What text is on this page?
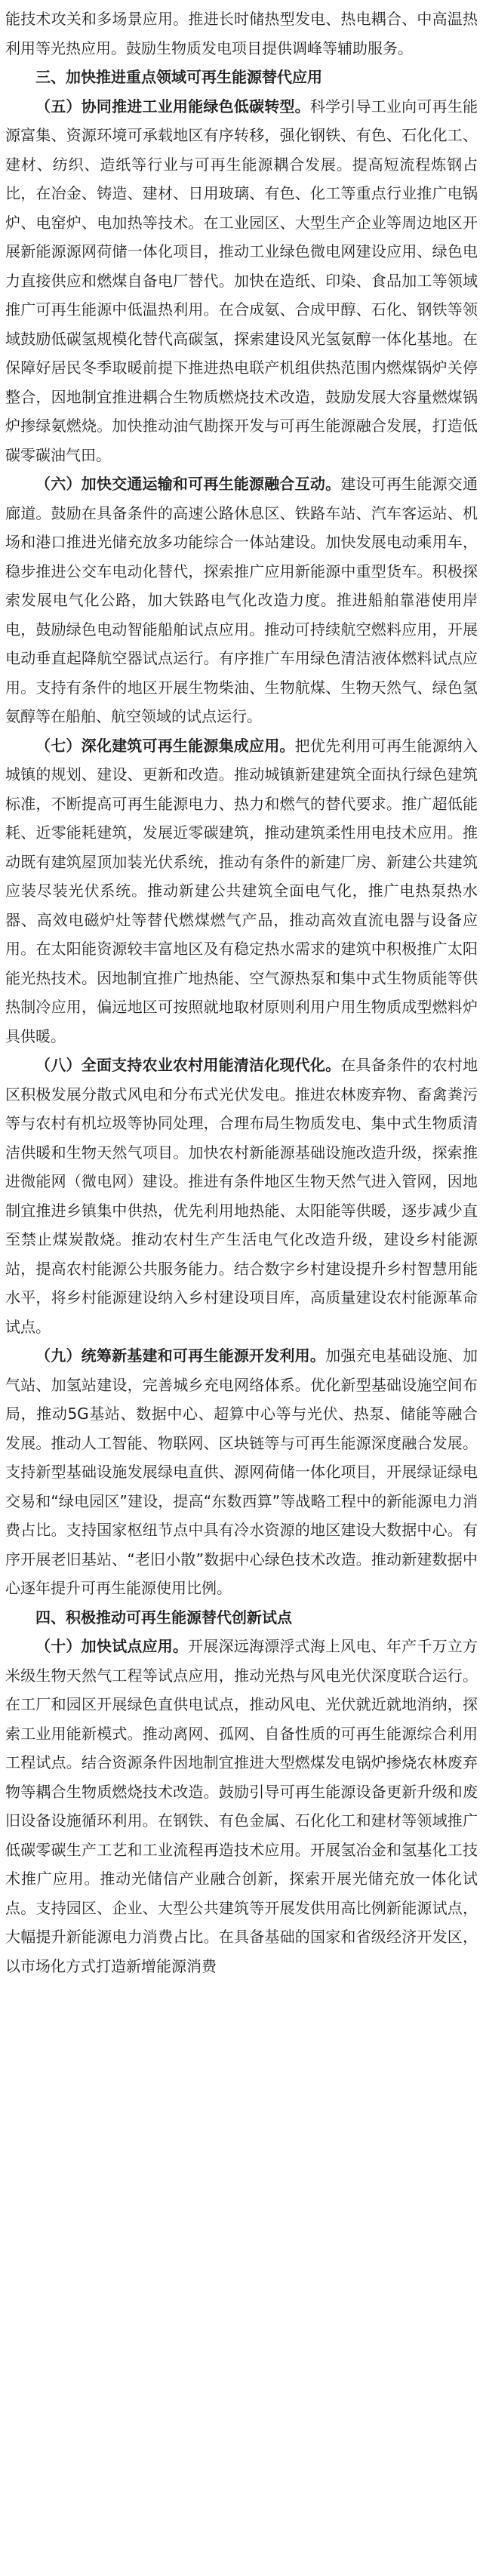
能技术攻关和多场景应用。推进长时储热型发电、热电耦合、中高温热利用等光热应用。鼓励生物质发电项目提供调峰等辅助服务。

三、加快推进重点领域可再生能源替代应用

（五）协同推进工业用能绿色低碳转型。科学引导工业向可再生能源富集、资源环境可承载地区有序转移，强化钢铁、有色、石化化工、建材、纺织、造纸等行业与可再生能源耦合发展。提高短流程炼钢占比，在冶金、铸造、建材、日用玻璃、有色、化工等重点行业推广电锅炉、电窑炉、电加热等技术。在工业园区、大型生产企业等周边地区开展新能源源网荷储一体化项目，推动工业绿色微电网建设应用、绿色电力直接供应和燃煤自备电厂替代。加快在造纸、印染、食品加工等领域推广可再生能源中低温热利用。在合成氨、合成甲醇、石化、钢铁等领域鼓励低碳氢规模化替代高碳氢，探索建设风光氢氨醇一体化基地。在保障好居民冬季取暖前提下推进热电联产机组供热范围内燃煤锅炉关停整合，因地制宜推进耦合生物质燃烧技术改造，鼓励发展大容量燃煤锅炉掺绿氨燃烧。加快推动油气勘探开发与可再生能源融合发展，打造低碳零碳油气田。

（六）加快交通运输和可再生能源融合互动。建设可再生能源交通廊道。鼓励在具备条件的高速公路休息区、铁路车站、汽车客运站、机场和港口推进光储充放多功能综合一体站建设。加快发展电动乘用车，稳步推进公交车电动化替代，探索推广应用新能源中重型货车。积极探索发展电气化公路，加大铁路电气化改造力度。推进船舶靠港使用岸电，鼓励绿色电动智能船舶试点应用。推动可持续航空燃料应用，开展电动垂直起降航空器试点运行。有序推广车用绿色清洁液体燃料试点应用。支持有条件的地区开展生物柴油、生物航煤、生物天然气、绿色氢氨醇等在船舶、航空领域的试点运行。

（七）深化建筑可再生能源集成应用。把优先利用可再生能源纳入城镇的规划、建设、更新和改造。推动城镇新建建筑全面执行绿色建筑标准，不断提高可再生能源电力、热力和燃气的替代要求。推广超低能耗、近零能耗建筑，发展近零碳建筑，推动建筑柔性用电技术应用。推动既有建筑屋顶加装光伏系统，推动有条件的新建厂房、新建公共建筑应装尽装光伏系统。推动新建公共建筑全面电气化，推广电热泵热水器、高效电磁炉灶等替代燃煤燃气产品，推动高效直流电器与设备应用。在太阳能资源较丰富地区及有稳定热水需求的建筑中积极推广太阳能光热技术。因地制宜推广地热能、空气源热泵和集中式生物质能等供热制冷应用，偏远地区可按照就地取材原则利用户用生物质成型燃料炉具供暖。

（八）全面支持农业农村用能清洁化现代化。在具备条件的农村地区积极发展分散式风电和分布式光伏发电。推进农林废弃物、畜禽粪污等与农村有机垃圾等协同处理，合理布局生物质发电、集中式生物质清洁供暖和生物天然气项目。加快农村新能源基础设施改造升级，探索推进微能网（微电网）建设。推进有条件地区生物天然气进入管网，因地制宜推进乡镇集中供热，优先利用地热能、太阳能等供暖，逐步减少直至禁止煤炭散烧。推动农村生产生活电气化改造升级，建设乡村能源站，提高农村能源公共服务能力。结合数字乡村建设提升乡村智慧用能水平，将乡村能源建设纳入乡村建设项目库，高质量建设农村能源革命试点。

（九）统筹新基建和可再生能源开发利用。加强充电基础设施、加气站、加氢站建设，完善城乡充电网络体系。优化新型基础设施空间布局，推动5G基站、数据中心、超算中心等与光伏、热泵、储能等融合发展。推动人工智能、物联网、区块链等与可再生能源深度融合发展。支持新型基础设施发展绿电直供、源网荷储一体化项目，开展绿证绿电交易和“绿电园区”建设，提高“东数西算”等战略工程中的新能源电力消费占比。支持国家枢纽节点中具有冷水资源的地区建设大数据中心。有序开展老旧基站、“老旧小散”数据中心绿色技术改造。推动新建数据中心逐年提升可再生能源使用比例。

四、积极推动可再生能源替代创新试点

（十）加快试点应用。开展深远海漂浮式海上风电、年产千万立方米级生物天然气工程等试点应用，推动光热与风电光伏深度联合运行。在工厂和园区开展绿色直供电试点，推动风电、光伏就近就地消纳，探索工业用能新模式。推动离网、孤网、自备性质的可再生能源综合利用工程试点。结合资源条件因地制宜推进大型燃煤发电锅炉掺烧农林废弃物等耦合生物质燃烧技术改造。鼓励引导可再生能源设备更新升级和废旧设备设施循环利用。在钢铁、有色金属、石化化工和建材等领域推广低碳零碳生产工艺和工业流程再造技术应用。开展氢冶金和氢基化工技术推广应用。推动光储信产业融合创新，探索开展光储充放一体化试点。支持园区、企业、大型公共建筑等开展发供用高比例新能源试点，大幅提升新能源电力消费占比。在具备基础的国家和省级经济开发区，以市场化方式打造新增能源消费
